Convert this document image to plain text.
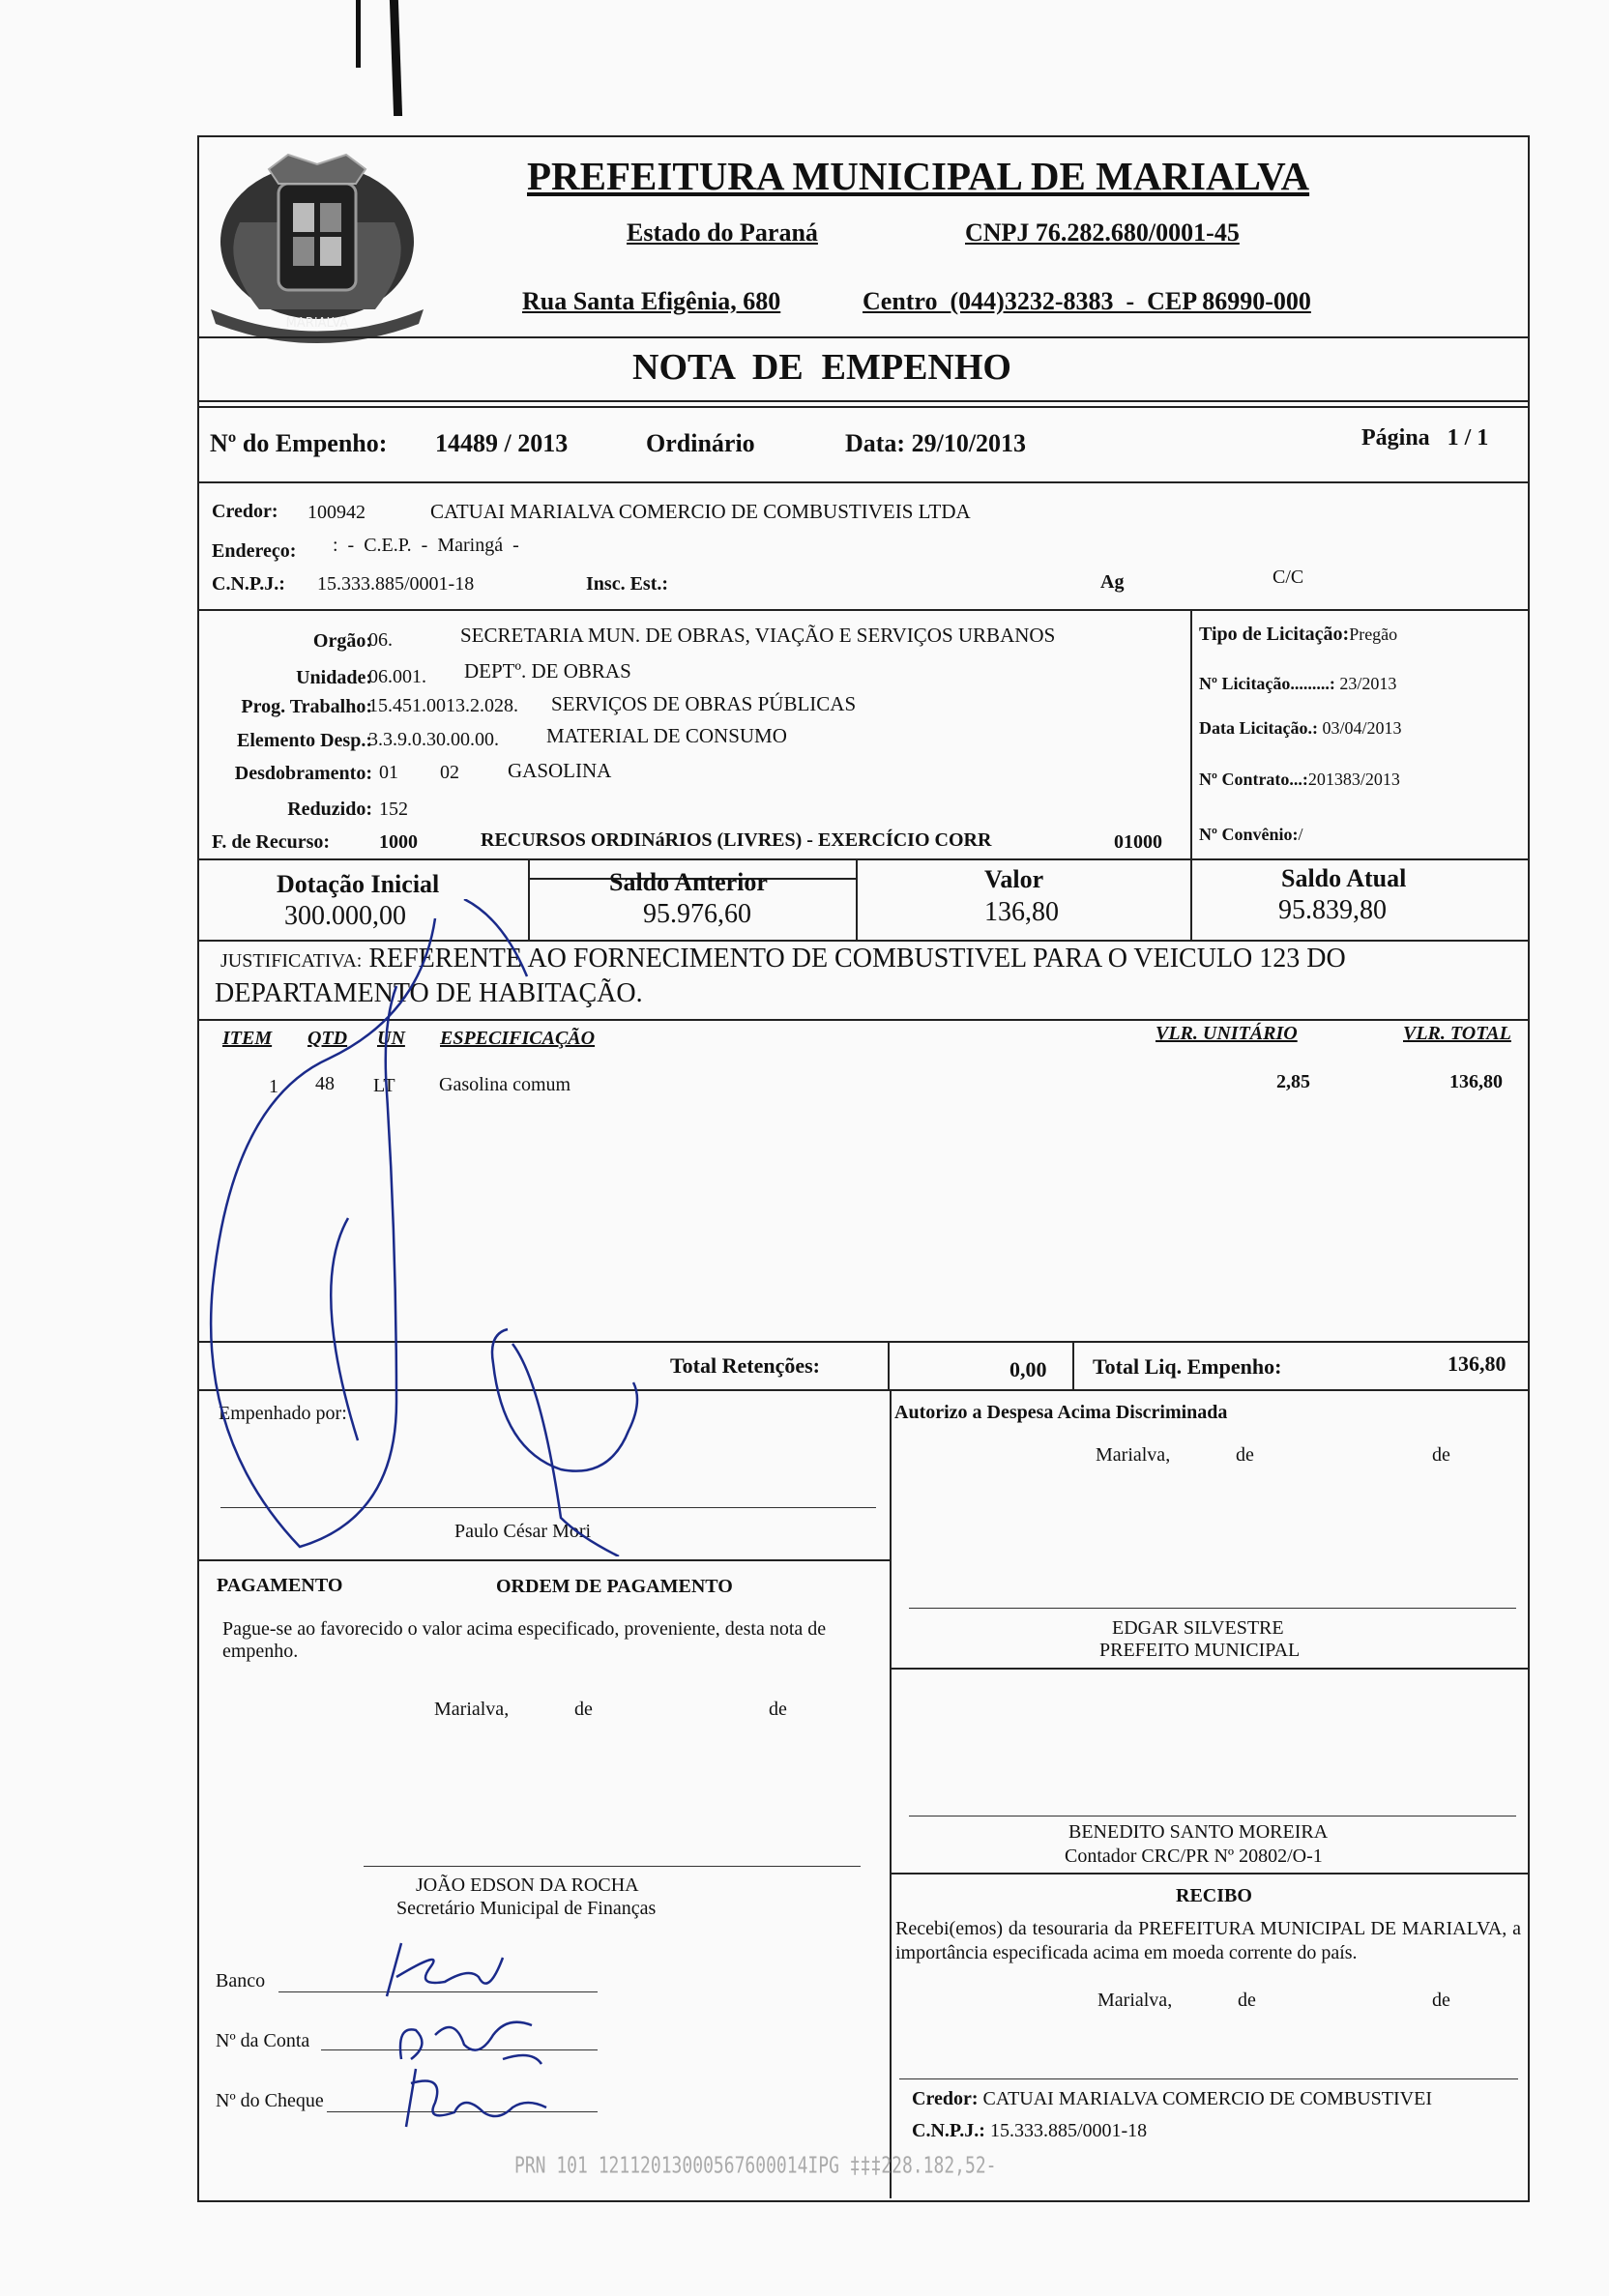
MARIALVA
PREFEITURA MUNICIPAL DE MARIALVA
Estado do Paraná	CNPJ 76.282.680/0001-45
Rua Santa Efigênia, 680	Centro  (044)3232-8383  -  CEP 86990-000
NOTA  DE  EMPENHO
Nº do Empenho: 14489 / 2013	Ordinário	Data: 29/10/2013	Página   1 / 1
Credor: 100942	CATUAI MARIALVA COMERCIO DE COMBUSTIVEIS LTDA
Endereço: :  -  C.E.P.  -  Maringá  -
C.N.P.J.: 15.333.885/0001-18	Insc. Est.:	Ag	C/C
Orgão:
06.	SECRETARIA MUN. DE OBRAS, VIAÇÃO E SERVIÇOS URBANOS
Unidade:
06.001. DEPTº. DE OBRAS
Prog. Trabalho:
15.451.0013.2.028. SERVIÇOS DE OBRAS PÚBLICAS
Elemento Desp.:
3.3.9.0.30.00.00. MATERIAL DE CONSUMO
Desdobramento: 01 02 GASOLINA
Reduzido: 152
F. de Recurso:	1000	RECURSOS ORDINáRIOS (LIVRES) - EXERCÍCIO CORR	01000
Tipo de Licitação:Pregão
Nº Licitação.........: 23/2013
Data Licitação.: 03/04/2013
Nº Contrato...:201383/2013
Nº Convênio:/
Dotação Inicial
300.000,00
Saldo Anterior
95.976,60
Valor
136,80
Saldo Atual
95.839,80
JUSTIFICATIVA: REFERENTE AO FORNECIMENTO DE COMBUSTIVEL PARA O VEICULO 123 DO
DEPARTAMENTO DE HABITAÇÃO.
ITEM QTD UN ESPECIFICAÇÃO	VLR. UNITÁRIO	VLR. TOTAL
1 48 LT Gasolina comum	2,85	136,80
Total Retenções:	0,00 Total Liq. Empenho:	136,80
Empenhado por:
Paulo César Mori
Autorizo a Despesa Acima Discriminada
Marialva,	de	de
PAGAMENTO	ORDEM DE PAGAMENTO
Pague-se ao favorecido o valor acima especificado, proveniente, desta nota de empenho.
Marialva,	de	de
JOÃO EDSON DA ROCHA
Secretário Municipal de Finanças
Banco
Nº da Conta
Nº do Cheque
EDGAR SILVESTRE
PREFEITO MUNICIPAL
BENEDITO SANTO MOREIRA
Contador CRC/PR Nº 20802/O-1
RECIBO
Recebi(emos) da tesouraria da PREFEITURA MUNICIPAL DE MARIALVA, a importância especificada acima em moeda corrente do país.
Marialva,	de	de
Credor: CATUAI MARIALVA COMERCIO DE COMBUSTIVEI
C.N.P.J.: 15.333.885/0001-18
PRN 101 12112013000567600014IPG ‡‡‡228.182,52-
